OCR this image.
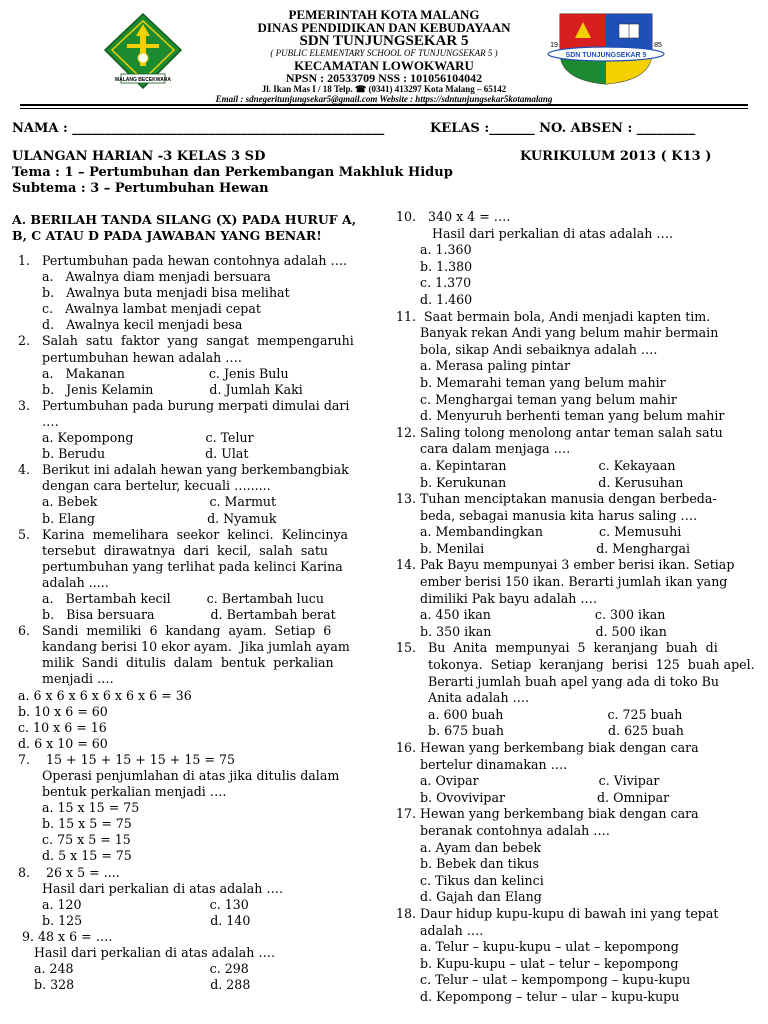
MALANG BECEKWARA
PEMERINTAH KOTA MALANG
DINAS PENDIDIKAN DAN KEBUDAYAAN
SDN TUNJUNGSEKAR 5
( PUBLIC ELEMENTARY SCHOOL OF TUNJUNGSEKAR 5 )
KECAMATAN LOWOKWARU
NPSN : 20533709 NSS : 101056104042
Jl. Ikan Mas I / 18 Telp. ☎ (0341) 413297 Kota Malang – 65142
Email : sdnegeritunjungsekar5@gmail.com Website : https://sdntunjungsekar5kotamalang
SDN TUNJUNGSEKAR 5
19	85
NAMA : ________________________________________________	KELAS :_______ NO. ABSEN : _________
ULANGAN HARIAN -3 KELAS 3 SD	KURIKULUM 2013 ( K13 )
Tema : 1 – Pertumbuhan dan Perkembangan Makhluk Hidup
Subtema : 3 – Pertumbuhan Hewan
A. BERILAH TANDA SILANG (X) PADA HURUF A,
B, C ATAU D PADA JAWABAN YANG BENAR!
1.   Pertumbuhan pada hewan contohnya adalah ….
a.   Awalnya diam menjadi bersuara
b.   Awalnya buta menjadi bisa melihat
c.   Awalnya lambat menjadi cepat
d.   Awalnya kecil menjadi besa
2.   Salah  satu  faktor  yang  sangat  mempengaruhi
pertumbuhan hewan adalah ….
a.   Makanan                     c. Jenis Bulu
b.   Jenis Kelamin              d. Jumlah Kaki
3.   Pertumbuhan pada burung merpati dimulai dari
….
a. Kepompong                  c. Telur
b. Berudu                         d. Ulat
4.   Berikut ini adalah hewan yang berkembangbiak
dengan cara bertelur, kecuali …......
a. Bebek                            c. Marmut
b. Elang                            d. Nyamuk
5.   Karina  memelihara  seekor  kelinci.  Kelincinya
tersebut  dirawatnya  dari  kecil,  salah  satu
pertumbuhan yang terlihat pada kelinci Karina
adalah .....
a.   Bertambah kecil         c. Bertambah lucu
b.   Bisa bersuara              d. Bertambah berat
6.   Sandi  memiliki  6  kandang  ayam.  Setiap  6
kandang berisi 10 ekor ayam.  Jika jumlah ayam
milik  Sandi  ditulis  dalam  bentuk  perkalian
menjadi ….
a. 6 x 6 x 6 x 6 x 6 x 6 = 36
b. 10 x 6 = 60
c. 10 x 6 = 16
d. 6 x 10 = 60
7.    15 + 15 + 15 + 15 + 15 = 75
Operasi penjumlahan di atas jika ditulis dalam
bentuk perkalian menjadi ….
a. 15 x 15 = 75
b. 15 x 5 = 75
c. 75 x 5 = 15
d. 5 x 15 = 75
8.    26 x 5 = ....
Hasil dari perkalian di atas adalah ….
a. 120                                c. 130
b. 125                                d. 140
9. 48 x 6 = ….
Hasil dari perkalian di atas adalah ….
a. 248                                  c. 298
b. 328                                  d. 288
10.   340 x 4 = ….
Hasil dari perkalian di atas adalah ….
a. 1.360
b. 1.380
c. 1.370
d. 1.460
11.  Saat bermain bola, Andi menjadi kapten tim.
Banyak rekan Andi yang belum mahir bermain
bola, sikap Andi sebaiknya adalah ….
a. Merasa paling pintar
b. Memarahi teman yang belum mahir
c. Menghargai teman yang belum mahir
d. Menyuruh berhenti teman yang belum mahir
12. Saling tolong menolong antar teman salah satu
cara dalam menjaga ….
a. Kepintaran                       c. Kekayaan
b. Kerukunan                       d. Kerusuhan
13. Tuhan menciptakan manusia dengan berbeda-
beda, sebagai manusia kita harus saling ….
a. Membandingkan              c. Memusuhi
b. Menilai                            d. Menghargai
14. Pak Bayu mempunyai 3 ember berisi ikan. Setiap
ember berisi 150 ikan. Berarti jumlah ikan yang
dimiliki Pak bayu adalah ….
a. 450 ikan                          c. 300 ikan
b. 350 ikan                          d. 500 ikan
15.   Bu  Anita  mempunyai  5  keranjang  buah  di
tokonya.  Setiap  keranjang  berisi  125  buah apel.
Berarti jumlah buah apel yang ada di toko Bu
Anita adalah ….
a. 600 buah                          c. 725 buah
b. 675 buah                          d. 625 buah
16. Hewan yang berkembang biak dengan cara
bertelur dinamakan ….
a. Ovipar                              c. Vivipar
b. Ovovivipar                       d. Omnipar
17. Hewan yang berkembang biak dengan cara
beranak contohnya adalah ….
a. Ayam dan bebek
b. Bebek dan tikus
c. Tikus dan kelinci
d. Gajah dan Elang
18. Daur hidup kupu-kupu di bawah ini yang tepat
adalah ….
a. Telur – kupu-kupu – ulat – kepompong
b. Kupu-kupu – ulat – telur – kepompong
c. Telur – ulat – kempompong – kupu-kupu
d. Kepompong – telur – ular – kupu-kupu
